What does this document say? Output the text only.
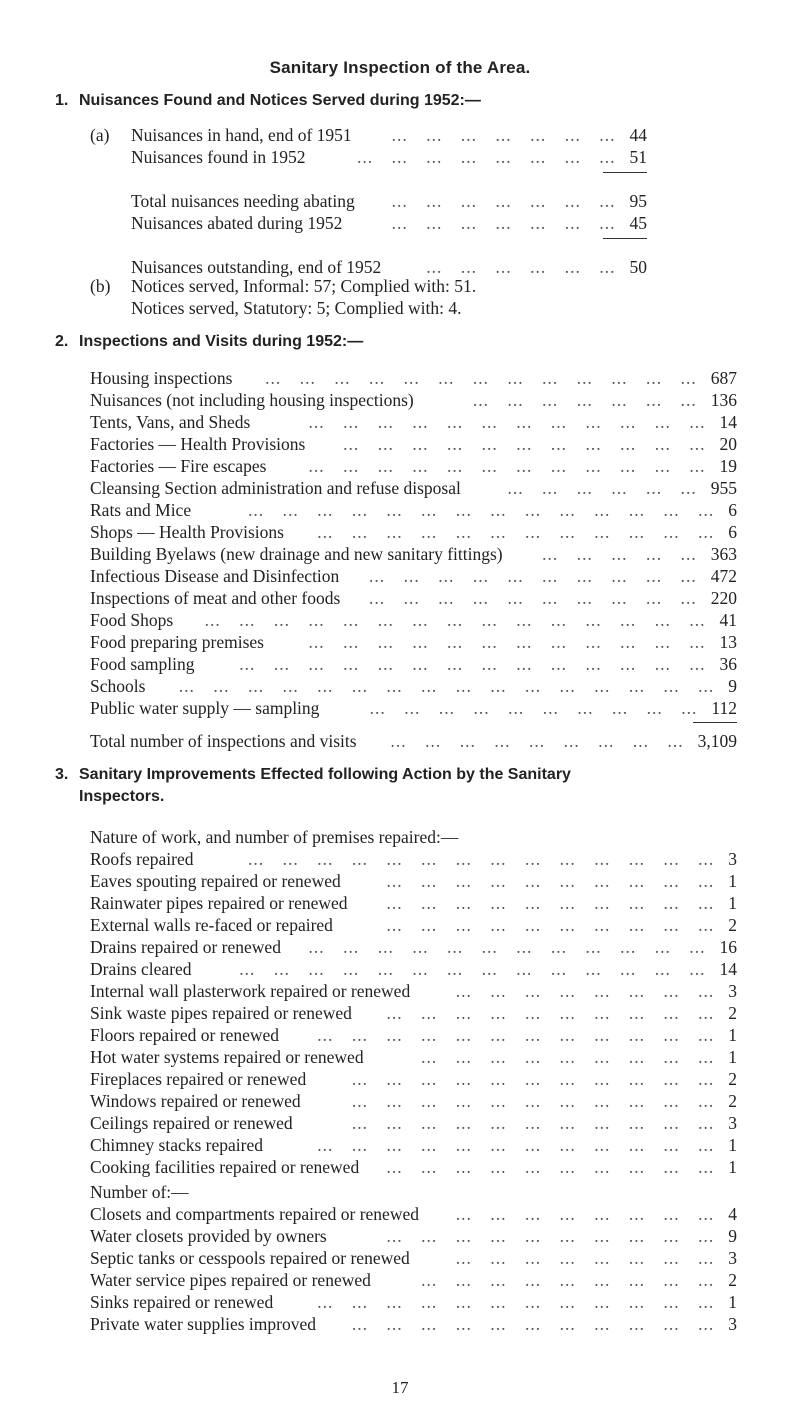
Sanitary Inspection of the Area.
1. Nuisances Found and Notices Served during 1952:—
(a)	Nuisances in hand, end of 1951 ... ... ... ... ... ... ... 44
Nuisances found in 1952	... ... ... ... ... ... ... ... 51
Total nuisances needing abating ... ... ... ... ... ... ... 95
Nuisances abated during 1952	... ... ... ... ... ... ... 45
Nuisances outstanding, end of 1952	... ... ... ... ... ... 50
(b)	Notices served, Informal: 57; Complied with: 51.
Notices served, Statutory: 5; Complied with: 4.
2. Inspections and Visits during 1952:—
Housing inspections ... ... ... ... ... ... ... ... ... ... ... ... ... 687
Nuisances (not including housing inspections)	... ... ... ... ... ... ... 136
Tents, Vans, and Sheds	... ... ... ... ... ... ... ... ... ... ... ... 14
Factories — Health Provisions ... ... ... ... ... ... ... ... ... ... ... 20
Factories — Fire escapes ... ... ... ... ... ... ... ... ... ... ... ... 19
Cleansing Section administration and refuse disposal	... ... ... ... ... ... 955
Rats and Mice	... ... ... ... ... ... ... ... ... ... ... ... ... ... 6
Shops — Health Provisions ... ... ... ... ... ... ... ... ... ... ... ... 6
Building Byelaws (new drainage and new sanitary fittings) ... ... ... ... ... 363
Infectious Disease and Disinfection ... ... ... ... ... ... ... ... ... ... 472
Inspections of meat and other foods ... ... ... ... ... ... ... ... ... ... 220
Food Shops ... ... ... ... ... ... ... ... ... ... ... ... ... ... ... 41
Food preparing premises	... ... ... ... ... ... ... ... ... ... ... ... 13
Food sampling	... ... ... ... ... ... ... ... ... ... ... ... ... ... 36
Schools ... ... ... ... ... ... ... ... ... ... ... ... ... ... ... ... 9
Public water supply — sampling	... ... ... ... ... ... ... ... ... ... 112
Total number of inspections and visits ... ... ... ... ... ... ... ... ... 3,109
3. Sanitary Improvements Effected following Action by the Sanitary
Inspectors.
Nature of work, and number of premises repaired:—
Roofs repaired	... ... ... ... ... ... ... ... ... ... ... ... ... ... 3
Eaves spouting repaired or renewed	... ... ... ... ... ... ... ... ... ... 1
Rainwater pipes repaired or renewed ... ... ... ... ... ... ... ... ... ... 1
External walls re-faced or repaired	... ... ... ... ... ... ... ... ... ... 2
Drains repaired or renewed ... ... ... ... ... ... ... ... ... ... ... ... 16
Drains cleared	... ... ... ... ... ... ... ... ... ... ... ... ... ... 14
Internal wall plasterwork repaired or renewed	... ... ... ... ... ... ... ... 3
Sink waste pipes repaired or renewed ... ... ... ... ... ... ... ... ... ... 2
Floors repaired or renewed ... ... ... ... ... ... ... ... ... ... ... ... 1
Hot water systems repaired or renewed	... ... ... ... ... ... ... ... ... 1
Fireplaces repaired or renewed	... ... ... ... ... ... ... ... ... ... ... 2
Windows repaired or renewed	... ... ... ... ... ... ... ... ... ... ... 2
Ceilings repaired or renewed	... ... ... ... ... ... ... ... ... ... ... 3
Chimney stacks repaired	... ... ... ... ... ... ... ... ... ... ... ... 1
Cooking facilities repaired or renewed ... ... ... ... ... ... ... ... ... ... 1
Number of:—
Closets and compartments repaired or renewed ... ... ... ... ... ... ... ... 4
Water closets provided by owners	... ... ... ... ... ... ... ... ... ... 9
Septic tanks or cesspools repaired or renewed	... ... ... ... ... ... ... ... 3
Water service pipes repaired or renewed	... ... ... ... ... ... ... ... ... 2
Sinks repaired or renewed	... ... ... ... ... ... ... ... ... ... ... ... 1
Private water supplies improved ... ... ... ... ... ... ... ... ... ... ... 3
17
